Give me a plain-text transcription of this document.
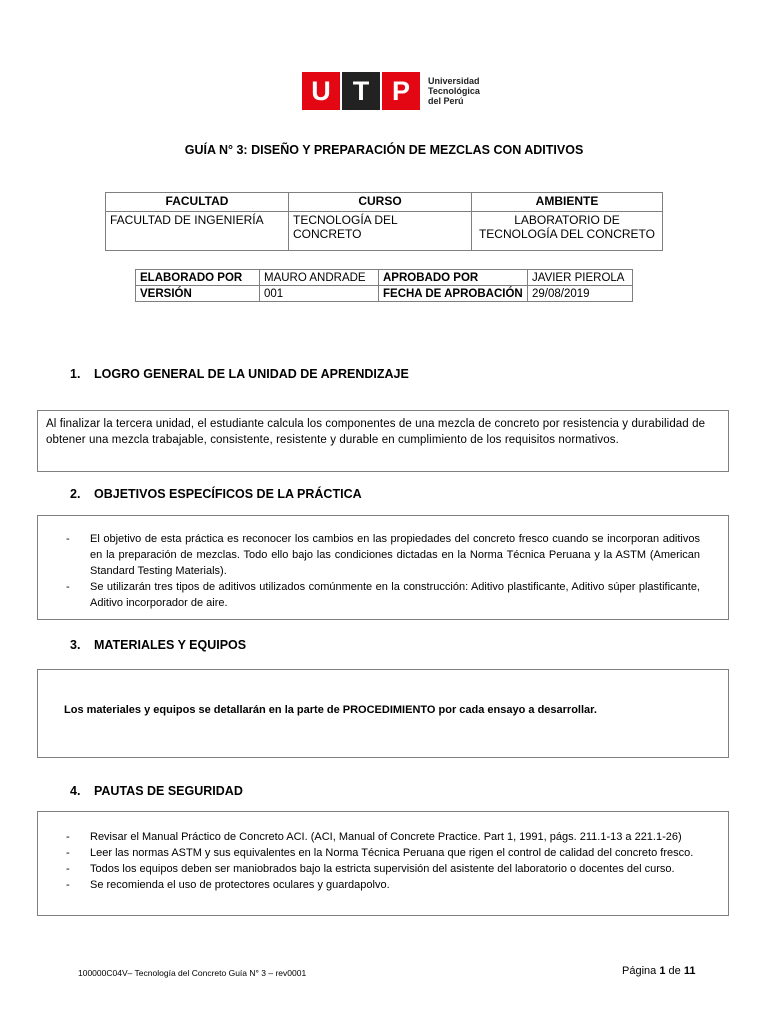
U T P	Universidad
Tecnológica
del Perú
GUÍA N° 3: DISEÑO Y PREPARACIÓN DE MEZCLAS CON ADITIVOS
FACULTAD	CURSO	AMBIENTE
FACULTAD DE INGENIERÍA	TECNOLOGÍA DEL CONCRETO	LABORATORIO DE TECNOLOGÍA DEL CONCRETO
ELABORADO POR	MAURO ANDRADE	APROBADO POR	JAVIER PIEROLA
VERSIÓN	001	FECHA DE APROBACIÓN	29/08/2019
1. LOGRO GENERAL DE LA UNIDAD DE APRENDIZAJE
Al finalizar la tercera unidad, el estudiante calcula los componentes de una mezcla de concreto por resistencia y durabilidad de obtener una mezcla trabajable, consistente, resistente y durable en cumplimiento de los requisitos normativos.
2. OBJETIVOS ESPECÍFICOS DE LA PRÁCTICA
- El objetivo de esta práctica es reconocer los cambios en las propiedades del concreto fresco cuando se incorporan aditivos en la preparación de mezclas. Todo ello bajo las condiciones dictadas en la Norma Técnica Peruana y la ASTM (American Standard Testing Materials).
- Se utilizarán tres tipos de aditivos utilizados comúnmente en la construcción: Aditivo plastificante, Aditivo súper plastificante, Aditivo incorporador de aire.
3. MATERIALES Y EQUIPOS
Los materiales y equipos se detallarán en la parte de PROCEDIMIENTO por cada ensayo a desarrollar.
4. PAUTAS DE SEGURIDAD
- Revisar el Manual Práctico de Concreto ACI. (ACI, Manual of Concrete Practice. Part 1, 1991, págs. 211.1-13 a 221.1-26)
- Leer las normas ASTM y sus equivalentes en la Norma Técnica Peruana que rigen el control de calidad del concreto fresco.
- Todos los equipos deben ser maniobrados bajo la estricta supervisión del asistente del laboratorio o docentes del curso.
- Se recomienda el uso de protectores oculares y guardapolvo.
100000C04V– Tecnología del Concreto Guía N° 3 – rev0001	Página 1 de 11
